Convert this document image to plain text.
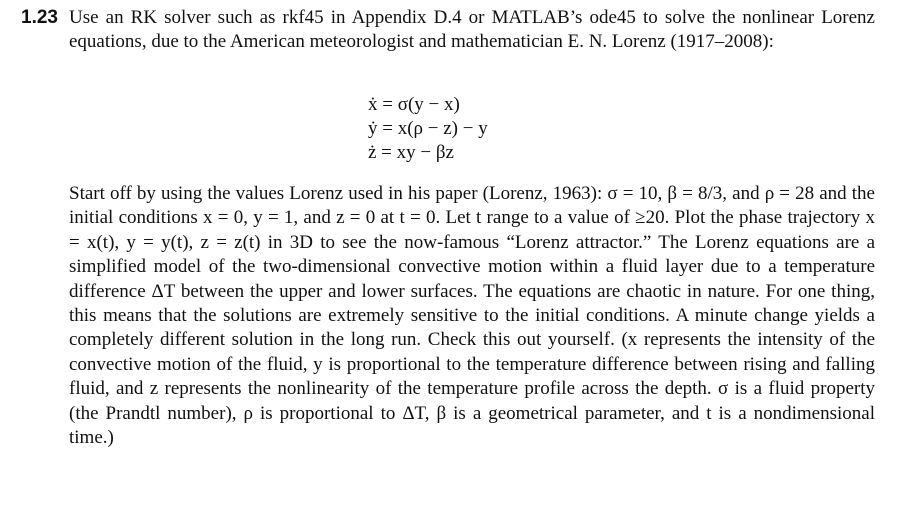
1.23 Use an RK solver such as rkf45 in Appendix D.4 or MATLAB’s ode45 to solve the nonlinear Lorenz equations, due to the American meteorologist and mathematician E. N. Lorenz (1917–2008):
ẋ = σ(y − x)
ẏ = x(ρ − z) − y
ż = xy − βz
Start off by using the values Lorenz used in his paper (Lorenz, 1963): σ = 10, β = 8/3, and ρ = 28 and the initial conditions x = 0, y = 1, and z = 0 at t = 0. Let t range to a value of ≥20. Plot the phase trajectory x = x(t), y = y(t), z = z(t) in 3D to see the now-famous “Lorenz attractor.” The Lorenz equations are a simplified model of the two-dimensional convective motion within a fluid layer due to a temperature difference ΔT between the upper and lower surfaces. The equations are chaotic in nature. For one thing, this means that the solutions are extremely sensitive to the initial conditions. A minute change yields a completely different solution in the long run. Check this out yourself. (x represents the intensity of the convective motion of the fluid, y is proportional to the temperature difference between rising and falling fluid, and z represents the nonlinearity of the temperature profile across the depth. σ is a fluid property (the Prandtl number), ρ is proportional to ΔT, β is a geometrical parameter, and t is a nondimensional time.)
